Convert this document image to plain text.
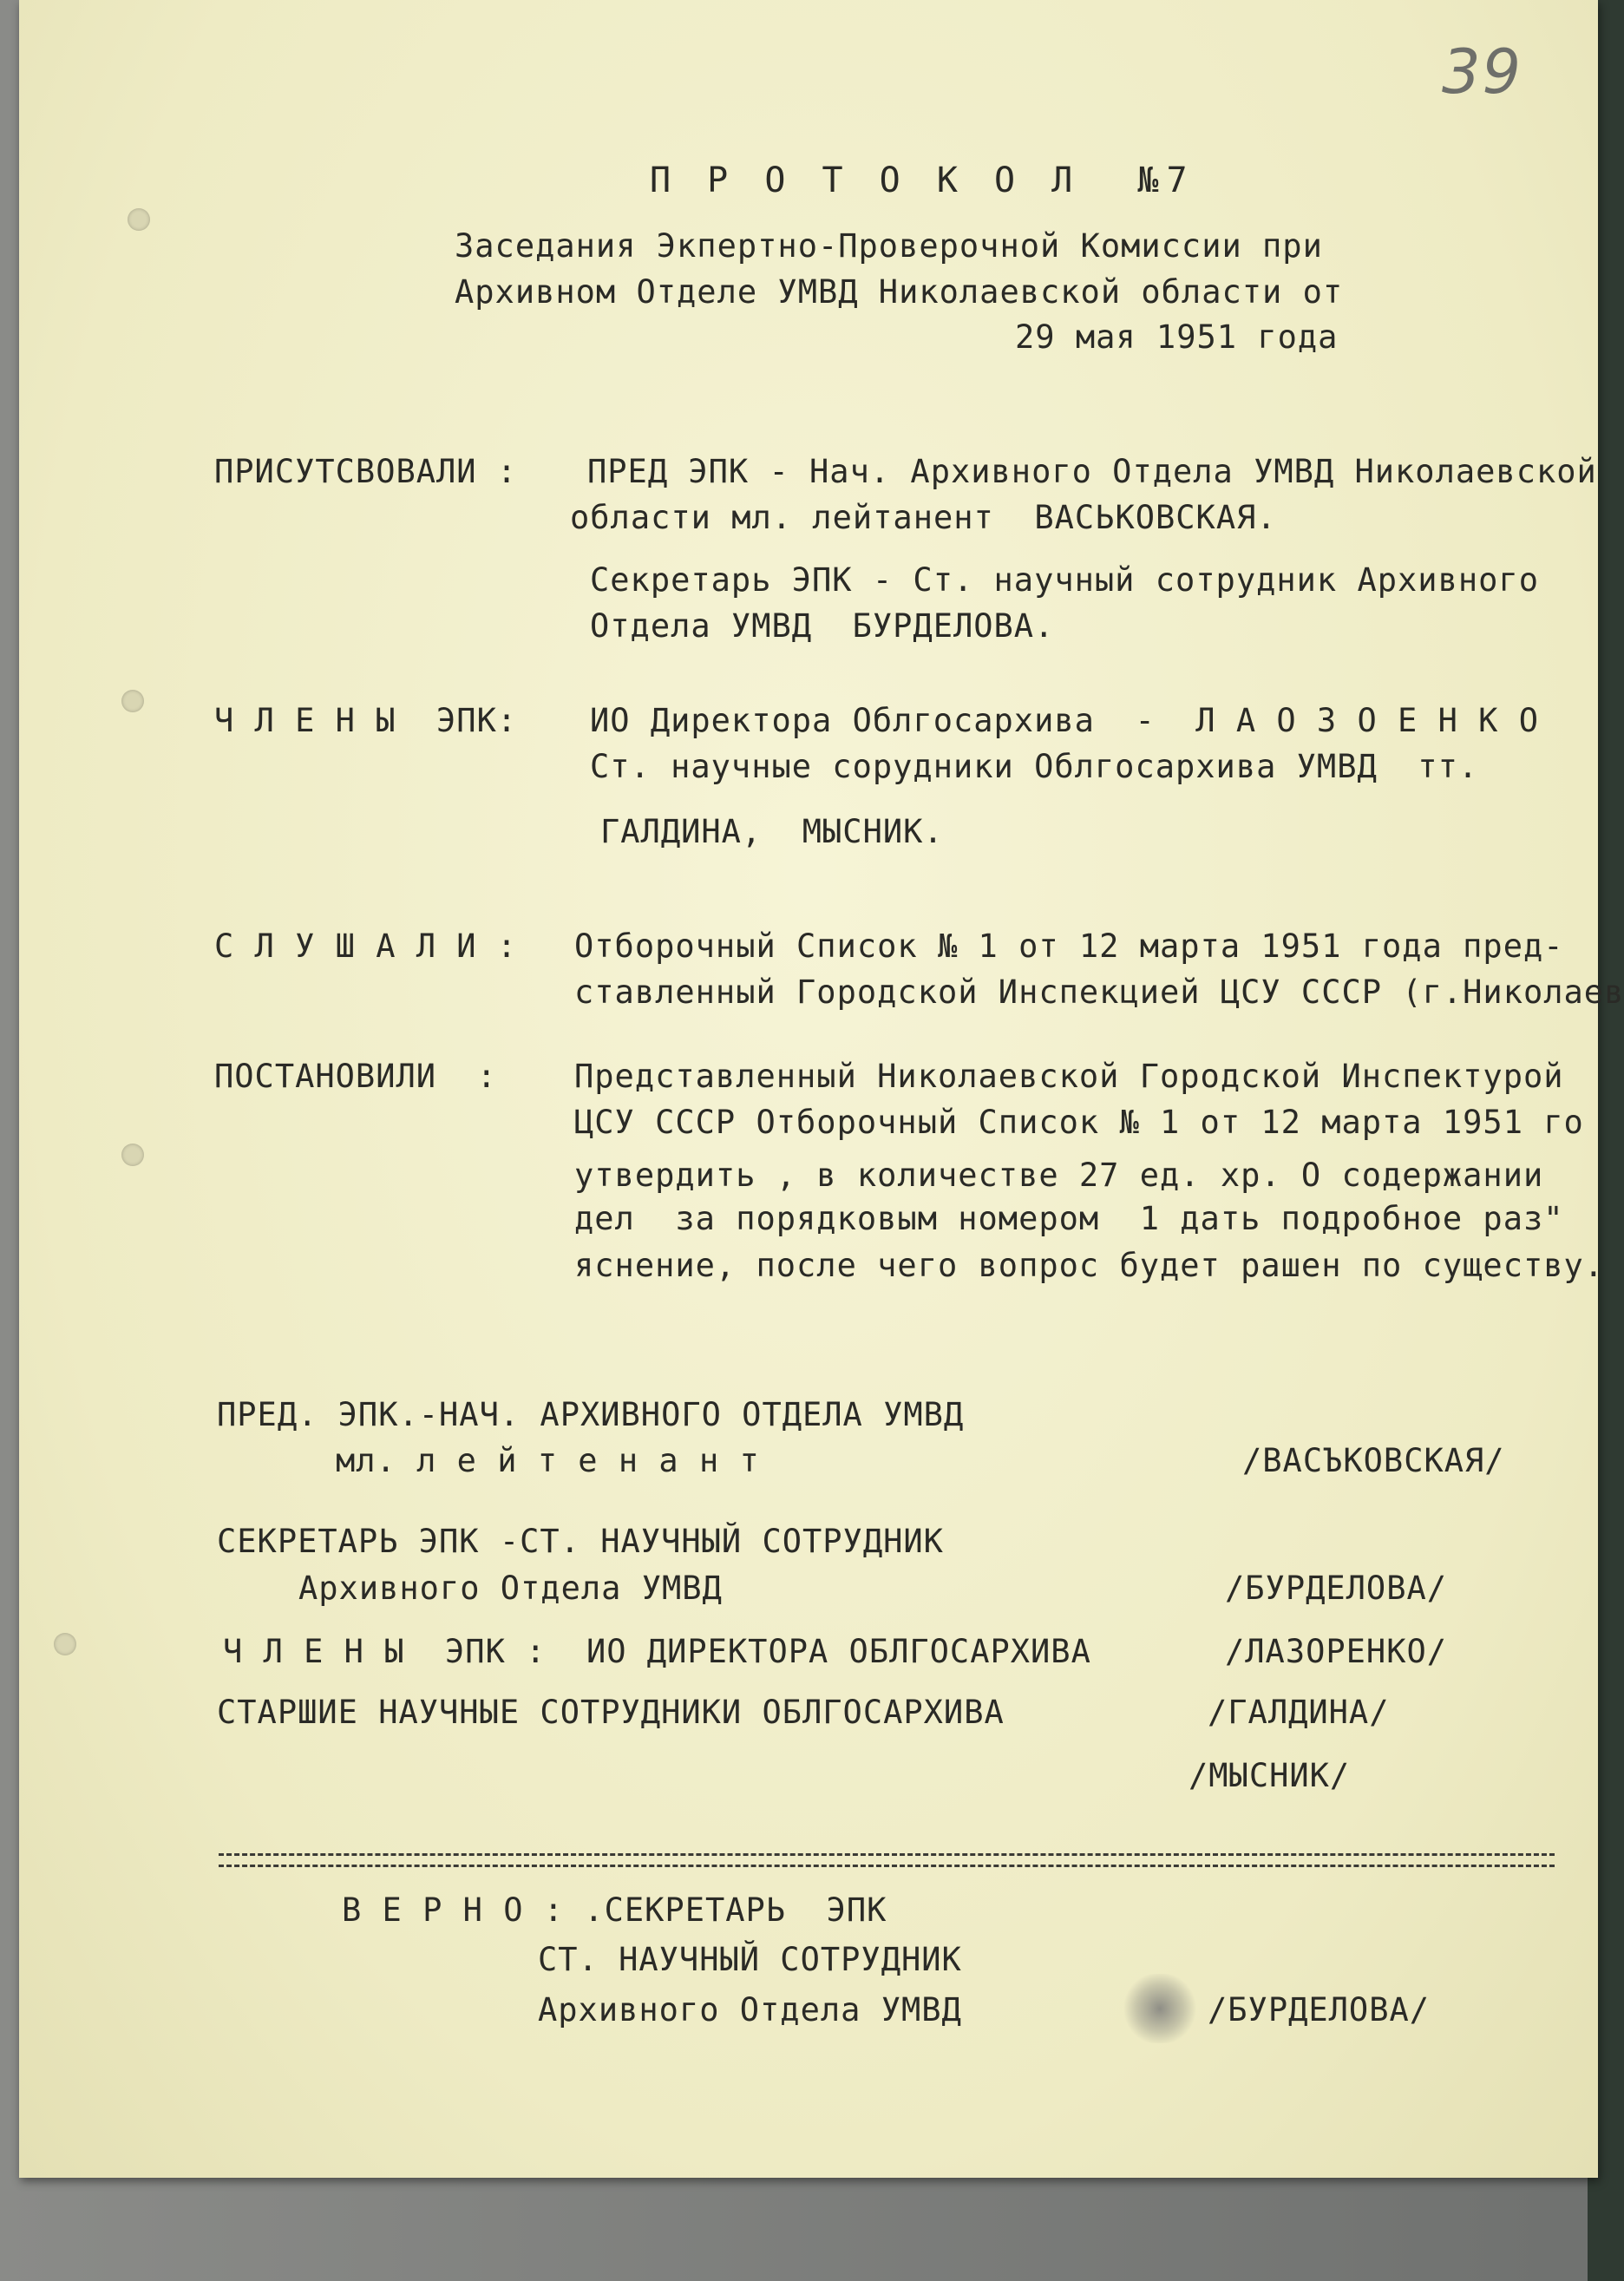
39
П Р О Т О К О Л  №7
Заседания Экпертно-Проверочной Комиссии при
Архивном Отделе УМВД Николаевской области от
29 мая 1951 года
ПРИСУТСВОВАЛИ : ПРЕД ЭПК - Нач. Архивного Отдела УМВД Николаевской
области мл. лейтанент  ВАСЬКОВСКАЯ.
Секретарь ЭПК - Ст. научный сотрудник Архивного
Отдела УМВД  БУРДЕЛОВА.
Ч Л Е Н Ы  ЭПК: ИО Директора Облгосархива  -  Л А О З О Е Н К О
Ст. научные сорудники Облгосархива УМВД  тт.
ГАЛДИНА,  МЫСНИК.
С Л У Ш А Л И : Отборочный Список № 1 от 12 марта 1951 года пред-
ставленный Городской Инспекцией ЦСУ СССР (г.Николаев
ПОСТАНОВИЛИ  : Представленный Николаевской Городской Инспектурой
ЦСУ СССР Отборочный Список № 1 от 12 марта 1951 го
утвердить , в количестве 27 ед. хр. О содержании
дел  за порядковым номером  1 дать подробное раз"
яснение, после чего вопрос будет рашен по существу.
ПРЕД. ЭПК.-НАЧ. АРХИВНОГО ОТДЕЛА УМВД
мл. л е й т е н а н т	/ВАСЪКОВСКАЯ/
СЕКРЕТАРЬ ЭПК -СТ. НАУЧНЫЙ СОТРУДНИК
Архивного Отдела УМВД	/БУРДЕЛОВА/
Ч Л Е Н Ы  ЭПК :  ИО ДИРЕКТОРА ОБЛГОСАРХИВА	/ЛАЗОРЕНКО/
СТАРШИЕ НАУЧНЫЕ СОТРУДНИКИ ОБЛГОСАРХИВА	/ГАЛДИНА/
/МЫСНИК/
В Е Р Н О : .СЕКРЕТАРЬ  ЭПК
СТ. НАУЧНЫЙ СОТРУДНИК
Архивного Отдела УМВД	/БУРДЕЛОВА/
